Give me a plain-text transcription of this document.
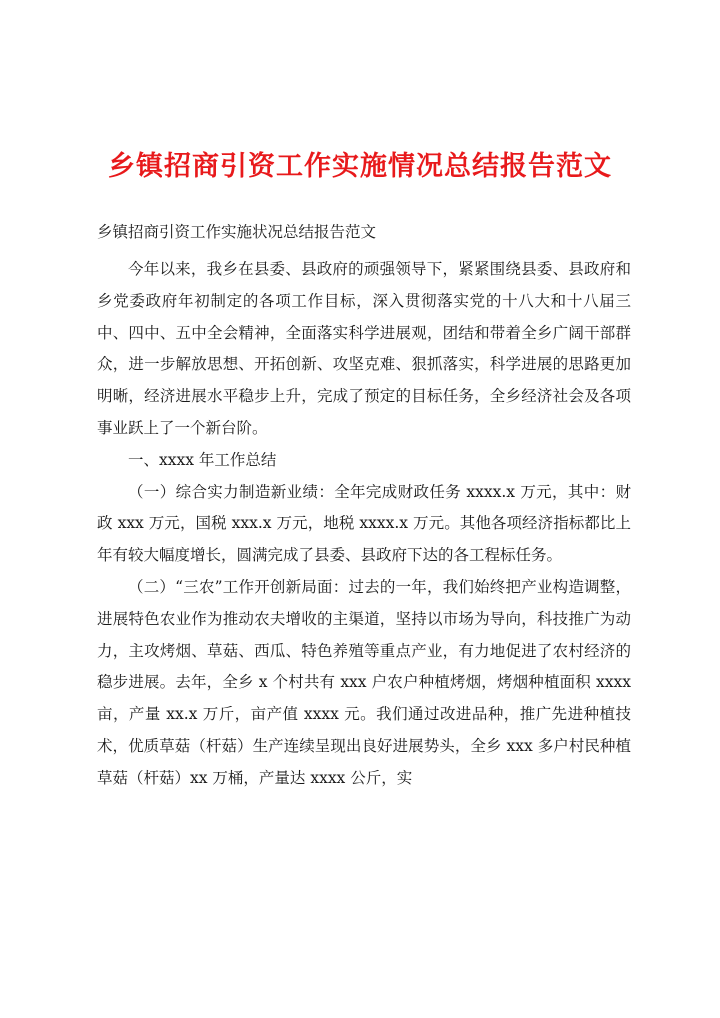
乡镇招商引资工作实施情况总结报告范文
乡镇招商引资工作实施状况总结报告范文

今年以来，我乡在县委、县政府的顽强领导下，紧紧围绕县委、县政府和乡党委政府年初制定的各项工作目标，深入贯彻落实党的十八大和十八届三中、四中、五中全会精神，全面落实科学进展观，团结和带着全乡广阔干部群众，进一步解放思想、开拓创新、攻坚克难、狠抓落实，科学进展的思路更加明晰，经济进展水平稳步上升，完成了预定的目标任务，全乡经济社会及各项事业跃上了一个新台阶。

一、xxxx 年工作总结

（一）综合实力制造新业绩：全年完成财政任务 xxxx.x 万元，其中：财政 xxx 万元，国税 xxx.x 万元，地税 xxxx.x 万元。其他各项经济指标都比上年有较大幅度增长，圆满完成了县委、县政府下达的各工程标任务。

（二）“三农”工作开创新局面：过去的一年，我们始终把产业构造调整，进展特色农业作为推动农夫增收的主渠道，坚持以市场为导向，科技推广为动力，主攻烤烟、草菇、西瓜、特色养殖等重点产业，有力地促进了农村经济的稳步进展。去年，全乡 x 个村共有 xxx 户农户种植烤烟，烤烟种植面积 xxxx 亩，产量 xx.x 万斤，亩产值 xxxx 元。我们通过改进品种，推广先进种植技术，优质草菇（杆菇）生产连续呈现出良好进展势头，全乡 xxx 多户村民种植草菇（杆菇）xx 万桶，产量达 xxxx 公斤，实
